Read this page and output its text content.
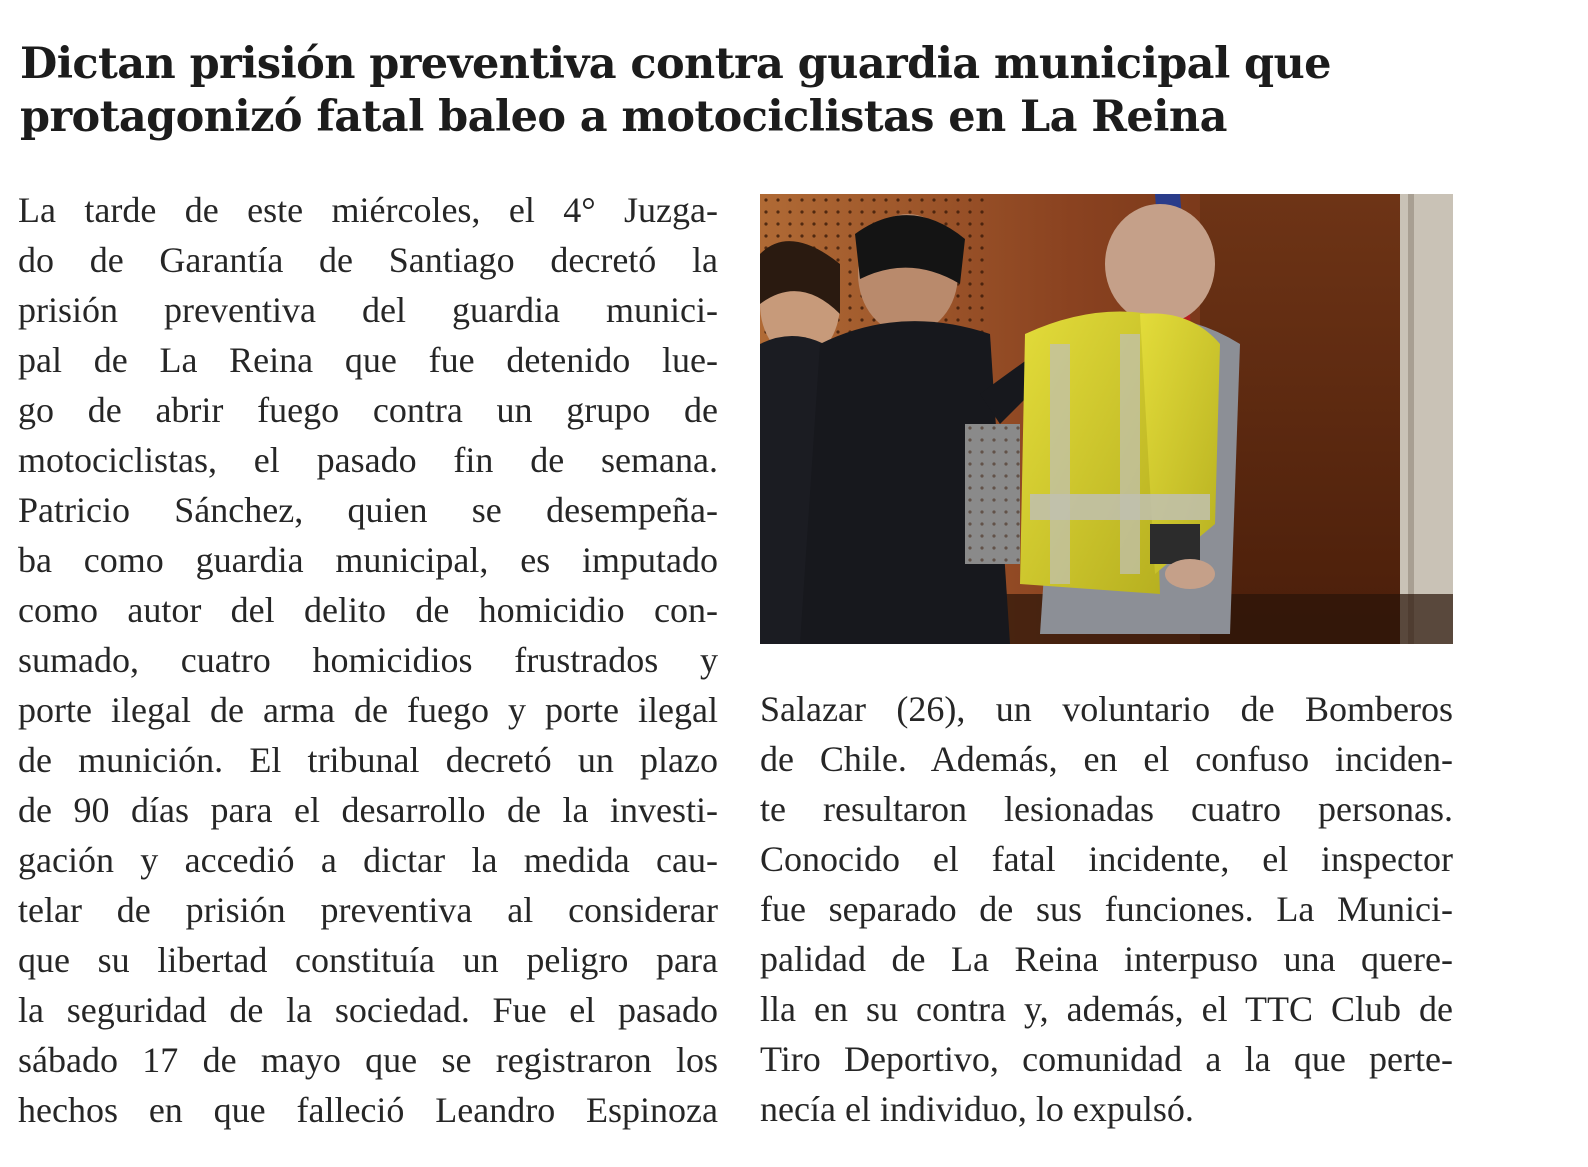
Dictan prisión preventiva contra guardia municipal que
protagonizó fatal baleo a motociclistas en La Reina
La tarde de este miércoles, el 4° Juzga-
do de Garantía de Santiago decretó la
prisión preventiva del guardia munici-
pal de La Reina que fue detenido lue-
go de abrir fuego contra un grupo de
motociclistas, el pasado fin de semana.
Patricio Sánchez, quien se desempeña-
ba como guardia municipal, es imputado
como autor del delito de homicidio con-
sumado, cuatro homicidios frustrados y
porte ilegal de arma de fuego y porte ilegal
de munición. El tribunal decretó un plazo
de 90 días para el desarrollo de la investi-
gación y accedió a dictar la medida cau-
telar de prisión preventiva al considerar
que su libertad constituía un peligro para
la seguridad de la sociedad. Fue el pasado
sábado 17 de mayo que se registraron los
hechos en que falleció Leandro Espinoza
Salazar (26), un voluntario de Bomberos
de Chile. Además, en el confuso inciden-
te resultaron lesionadas cuatro personas.
Conocido el fatal incidente, el inspector
fue separado de sus funciones. La Munici-
palidad de La Reina interpuso una quere-
lla en su contra y, además, el TTC Club de
Tiro Deportivo, comunidad a la que perte-
necía el individuo, lo expulsó.
